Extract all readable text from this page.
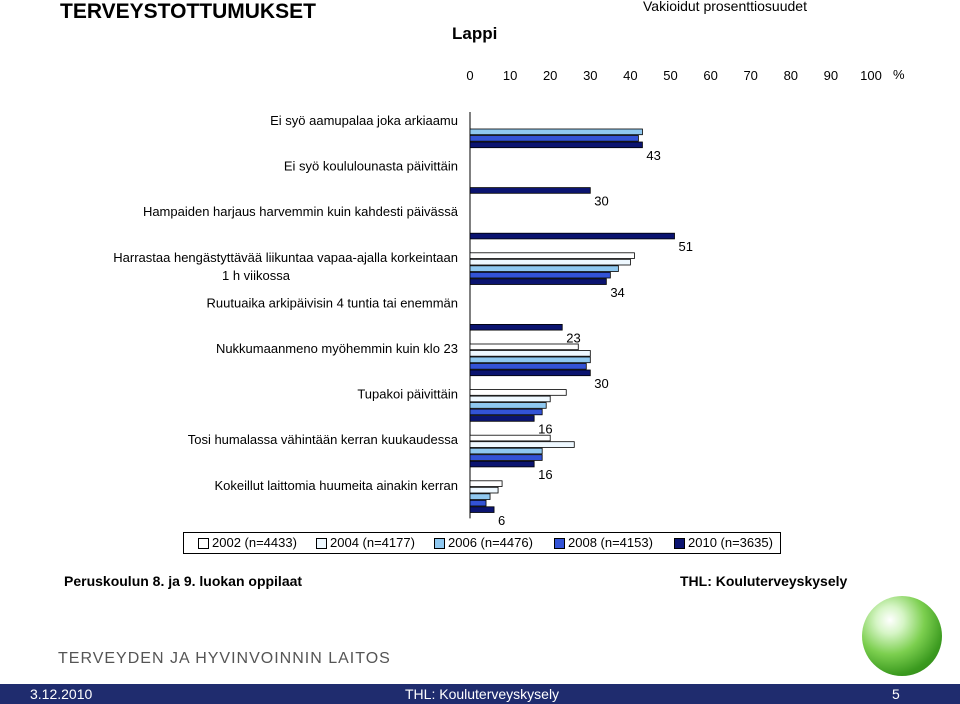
TERVEYSTOTTUMUKSET	Vakioidut prosenttiosuudet
Lappi
0 10 20 30 40 50 60 70 80 90 100 %
Ei syö aamupalaa joka arkiaamu
Ei syö koululounasta päivittäin
Hampaiden harjaus harvemmin kuin kahdesti päivässä
Harrastaa hengästyttävää liikuntaa vapaa-ajalla korkeintaan
1 h viikossa
Ruutuaika arkipäivisin 4 tuntia tai enemmän
Nukkumaanmeno myöhemmin kuin klo 23
Tupakoi päivittäin
Tosi humalassa vähintään kerran kuukaudessa
Kokeillut laittomia huumeita ainakin kerran
43
30
51
34
23
30
16
16
6
2002 (n=4433)	2004 (n=4177)	2006 (n=4476)	2008 (n=4153)	2010 (n=3635)
Peruskoulun 8. ja 9. luokan oppilaat	THL: Kouluterveyskysely
TERVEYDEN JA HYVINVOINNIN LAITOS
3.12.2010	THL: Kouluterveyskysely	5
